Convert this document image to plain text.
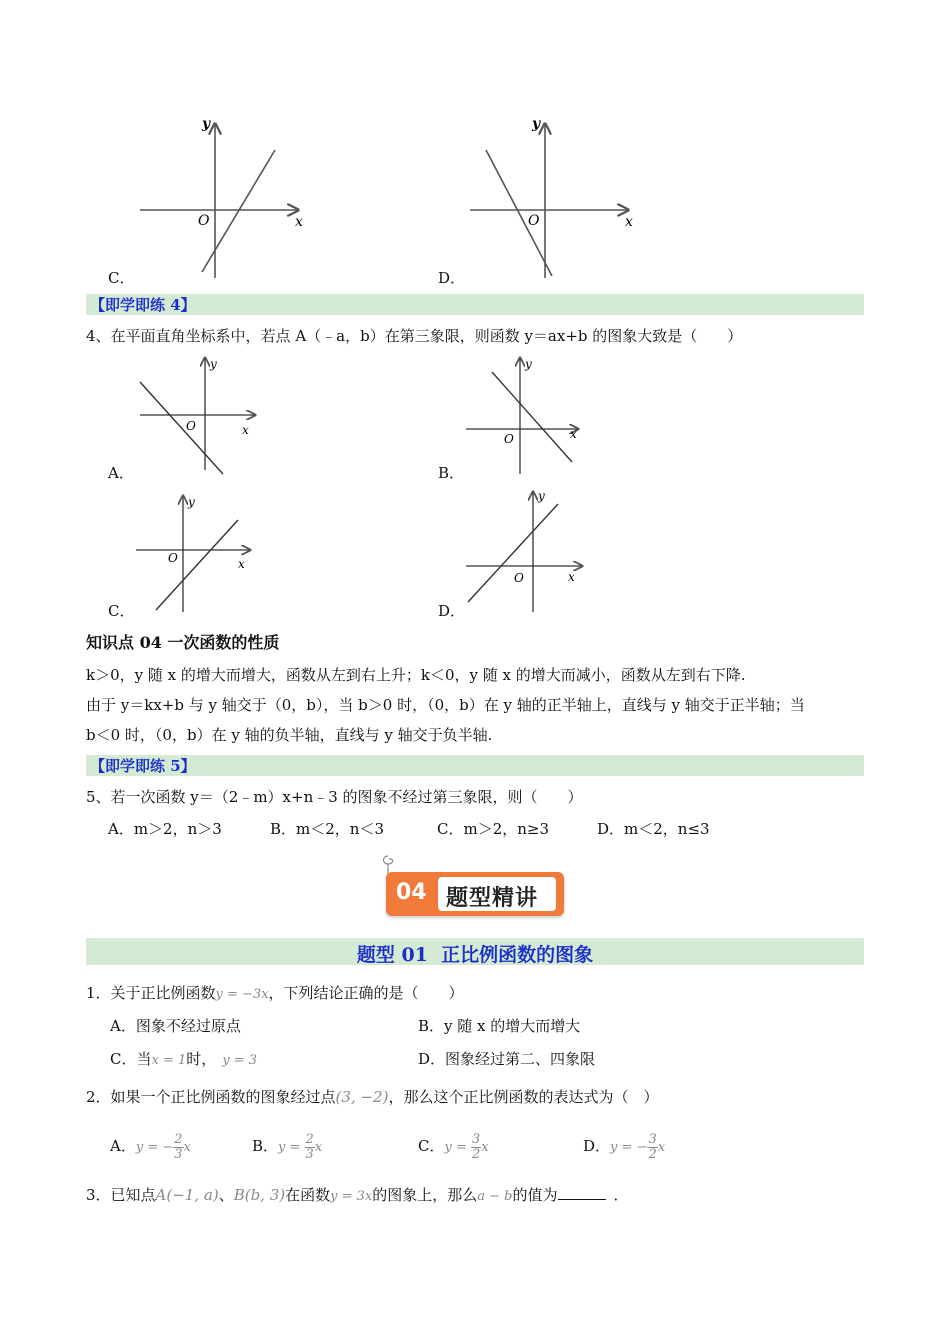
y
x
O
C．
y
x
O
D．
【即学即练 4】
4、在平面直角坐标系中，若点 A（﹣a，b）在第三象限，则函数 y＝ax+b 的图象大致是（　　）
y
x
O
A．
y
x
O
B．
y
x
O
C．
y
x
O
D．
知识点 04 一次函数的性质
k＞0，y 随 x 的增大而增大，函数从左到右上升；k＜0，y 随 x 的增大而减小，函数从左到右下降.
由于 y＝kx+b 与 y 轴交于（0，b），当 b＞0 时，（0，b）在 y 轴的正半轴上，直线与 y 轴交于正半轴；当
b＜0 时，（0，b）在 y 轴的负半轴，直线与 y 轴交于负半轴.
【即学即练 5】
5、若一次函数 y＝（2﹣m）x+n﹣3 的图象不经过第三象限，则（　　）
A．m＞2，n＞3	B．m＜2，n＜3	C．m＞2，n≥3	D．m＜2，n≤3
04 题型精讲
题型 01  正比例函数的图象
1．关于正比例函数y = −3x，下列结论正确的是（　　）
A．图象不经过原点	B．y 随 x 的增大而增大
C．当x = 1时， y = 3	D．图象经过第二、四象限
2．如果一个正比例函数的图象经过点(3, −2)，那么这个正比例函数的表达式为（　）
A．y = − $\frac{2}{3}$ x	B．$y = \frac{2}{3}$ x	C．$y = \frac{3}{2}$ x	D．y = − $\frac{3}{2}$ x
3．已知点A(−1, a)、B(b, 3)在函数y = 3x的图象上，那么a − b的值为	．
